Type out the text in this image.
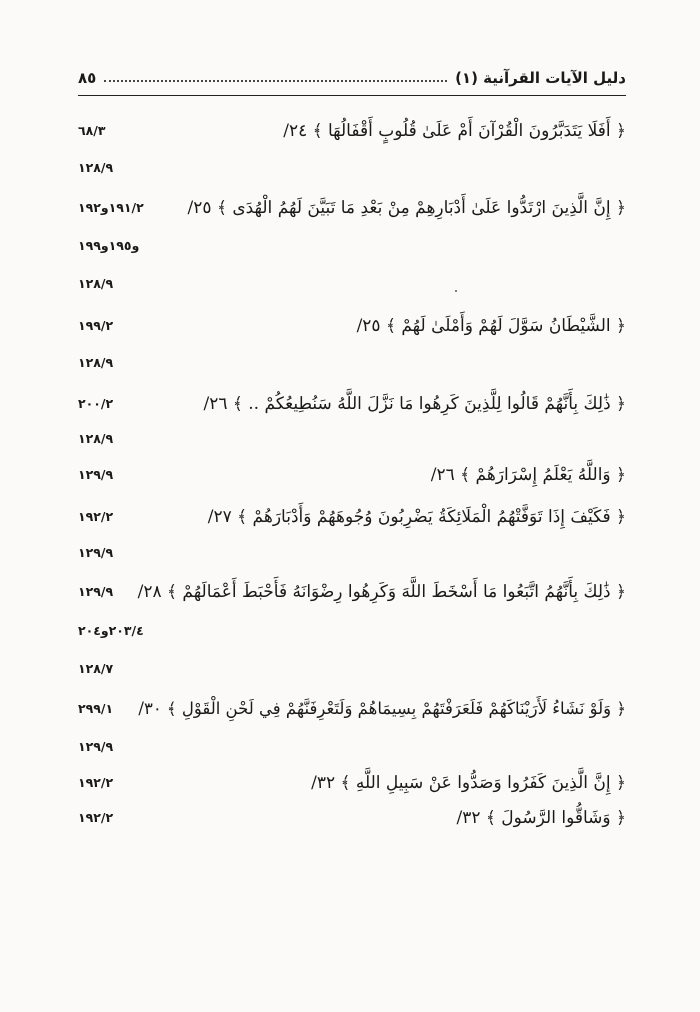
دليل الآيات القرآنية (١)
٨٥
﴿ أَفَلَا يَتَدَبَّرُونَ الْقُرْآنَ أَمْ عَلَىٰ قُلُوبٍ أَقْفَالُهَا ﴾ ٢٤/
٦٨/٣
١٢٨/٩
﴿ إِنَّ الَّذِينَ ارْتَدُّوا عَلَىٰ أَدْبَارِهِمْ مِنْ بَعْدِ مَا تَبَيَّنَ لَهُمُ الْهُدَى ﴾ ٢٥/
١٩١/٢و١٩٢
و١٩٥و١٩٩
١٢٨/٩
﴿ الشَّيْطَانُ سَوَّلَ لَهُمْ وَأَمْلَىٰ لَهُمْ ﴾ ٢٥/
١٩٩/٢
١٢٨/٩
﴿ ذَٰلِكَ بِأَنَّهُمْ قَالُوا لِلَّذِينَ كَرِهُوا مَا نَزَّلَ اللَّهُ سَنُطِيعُكُمْ .. ﴾ ٢٦/
٢٠٠/٢
١٢٨/٩
﴿ وَاللَّهُ يَعْلَمُ إِسْرَارَهُمْ ﴾ ٢٦/
١٢٩/٩
﴿ فَكَيْفَ إِذَا تَوَفَّتْهُمُ الْمَلَائِكَةُ يَضْرِبُونَ وُجُوهَهُمْ وَأَدْبَارَهُمْ ﴾ ٢٧/
١٩٢/٢
١٢٩/٩
﴿ ذَٰلِكَ بِأَنَّهُمُ اتَّبَعُوا مَا أَسْخَطَ اللَّهَ وَكَرِهُوا رِضْوَانَهُ فَأَحْبَطَ أَعْمَالَهُمْ ﴾ ٢٨/
١٢٩/٩
٢٠٣/٤و٢٠٤
١٢٨/٧
﴿ وَلَوْ نَشَاءُ لَأَرَيْنَاكَهُمْ فَلَعَرَفْتَهُمْ بِسِيمَاهُمْ وَلَتَعْرِفَنَّهُمْ فِي لَحْنِ الْقَوْلِ ﴾ ٣٠/
٢٩٩/١
١٢٩/٩
﴿ إِنَّ الَّذِينَ كَفَرُوا وَصَدُّوا عَنْ سَبِيلِ اللَّهِ ﴾ ٣٢/
١٩٢/٢
﴿ وَشَاقُّوا الرَّسُولَ ﴾ ٣٢/
١٩٢/٢
